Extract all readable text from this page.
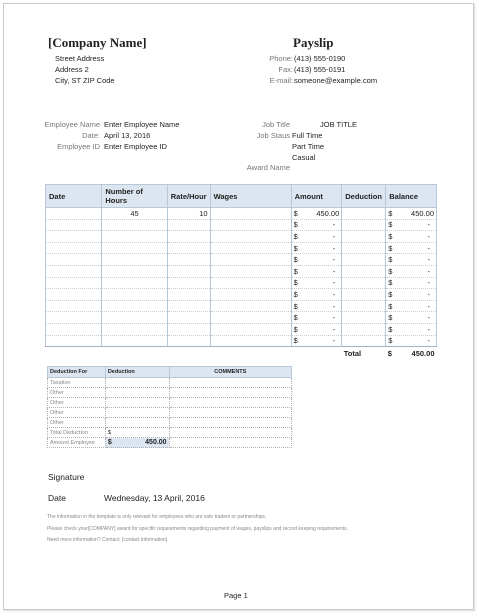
[Company Name]	Payslip
Street Address
Address 2
City, ST ZIP Code
Phone: (413) 555-0190
Fax: (413) 555-0191
E-mail: someone@example.com
Employee Name Enter Employee Name
Date: April 13, 2016
Employee ID Enter Employee ID
Job Title	JOB TITLE
Job Staus Full Time
Part Time
Casual
Award Name
Date	Number of Hours	Rate/Hour	Wages	Amount	Deduction	Balance
	45	10		$ 450.00		$ 450.00

				$ -		$ -

				$ -		$ -

				$ -		$ -

				$ -		$ -

				$ -		$ -

				$ -		$ -

				$ -		$ -

				$ -		$ -

				$ -		$ -

				$ -		$ -

				$ -		$ -

					Total	$ 450.00
Deduction For	Deduction	COMMENTS
Taxation		
Other		
Other		
Other		
Other		
Total Deduction	$	
Amount Employee	$ 450.00	

Signature
Date	Wednesday, 13 April, 2016
The information in the template is only relevant for employees who are sole traders or partnerships.
Please check your[COMPANY] award for specific requirements regarding payment of wages, payslips and record keeping requirements.
Need more information? Contact: [contact information]
Page 1
